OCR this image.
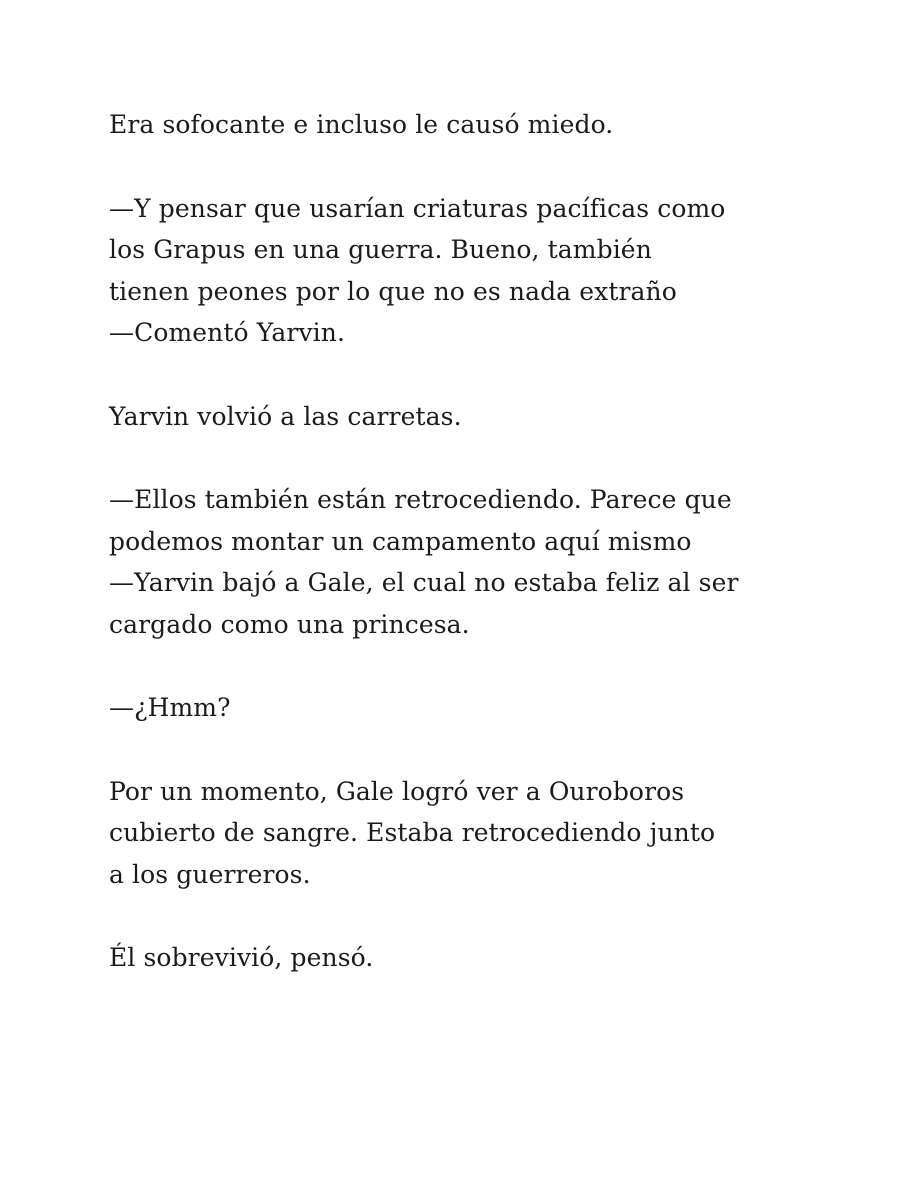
Era sofocante e incluso le causó miedo.

—Y pensar que usarían criaturas pacíficas como
los Grapus en una guerra. Bueno, también
tienen peones por lo que no es nada extraño
—Comentó Yarvin.

Yarvin volvió a las carretas.

—Ellos también están retrocediendo. Parece que
podemos montar un campamento aquí mismo
—Yarvin bajó a Gale, el cual no estaba feliz al ser
cargado como una princesa.

—¿Hmm?

Por un momento, Gale logró ver a Ouroboros
cubierto de sangre. Estaba retrocediendo junto
a los guerreros.

Él sobrevivió, pensó.
